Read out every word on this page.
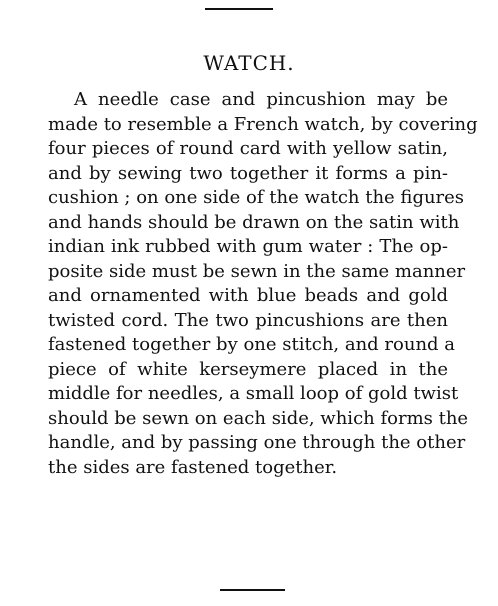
WATCH.
A needle case and pincushion may be
made to resemble a French watch, by covering
four pieces of round card with yellow satin,
and by sewing two together it forms a pin-
cushion ; on one side of the watch the figures
and hands should be drawn on the satin with
indian ink rubbed with gum water : The op-
posite side must be sewn in the same manner
and ornamented with blue beads and gold
twisted cord. The two pincushions are then
fastened together by one stitch, and round a
piece of white kerseymere placed in the
middle for needles, a small loop of gold twist
should be sewn on each side, which forms the
handle, and by passing one through the other
the sides are fastened together.
